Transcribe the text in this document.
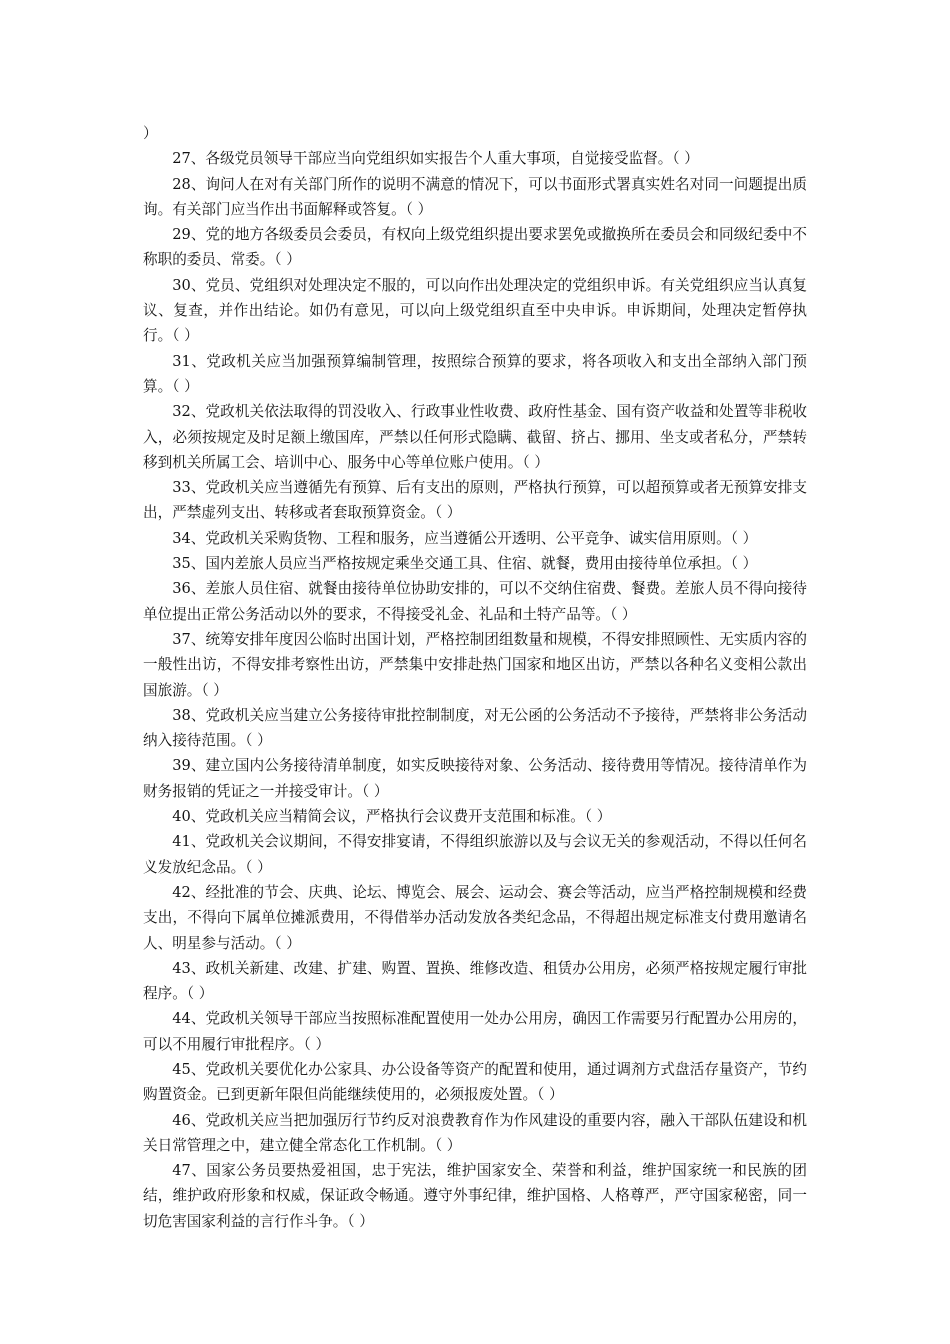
）

27、各级党员领导干部应当向党组织如实报告个人重大事项，自觉接受监督。（ ）

28、询问人在对有关部门所作的说明不满意的情况下，可以书面形式署真实姓名对同一问题提出质询。有关部门应当作出书面解释或答复。（ ）

29、党的地方各级委员会委员，有权向上级党组织提出要求罢免或撤换所在委员会和同级纪委中不称职的委员、常委。（ ）

30、党员、党组织对处理决定不服的，可以向作出处理决定的党组织申诉。有关党组织应当认真复议、复查，并作出结论。如仍有意见，可以向上级党组织直至中央申诉。申诉期间，处理决定暂停执行。（ ）

31、党政机关应当加强预算编制管理，按照综合预算的要求，将各项收入和支出全部纳入部门预算。（ ）

32、党政机关依法取得的罚没收入、行政事业性收费、政府性基金、国有资产收益和处置等非税收入，必须按规定及时足额上缴国库，严禁以任何形式隐瞒、截留、挤占、挪用、坐支或者私分，严禁转移到机关所属工会、培训中心、服务中心等单位账户使用。（ ）

33、党政机关应当遵循先有预算、后有支出的原则，严格执行预算，可以超预算或者无预算安排支出，严禁虚列支出、转移或者套取预算资金。（ ）

34、党政机关采购货物、工程和服务，应当遵循公开透明、公平竞争、诚实信用原则。（ ）

35、国内差旅人员应当严格按规定乘坐交通工具、住宿、就餐，费用由接待单位承担。（ ）

36、差旅人员住宿、就餐由接待单位协助安排的，可以不交纳住宿费、餐费。差旅人员不得向接待单位提出正常公务活动以外的要求，不得接受礼金、礼品和土特产品等。（ ）

37、统筹安排年度因公临时出国计划，严格控制团组数量和规模，不得安排照顾性、无实质内容的一般性出访，不得安排考察性出访，严禁集中安排赴热门国家和地区出访，严禁以各种名义变相公款出国旅游。（ ）

38、党政机关应当建立公务接待审批控制制度，对无公函的公务活动不予接待，严禁将非公务活动纳入接待范围。（ ）

39、建立国内公务接待清单制度，如实反映接待对象、公务活动、接待费用等情况。接待清单作为财务报销的凭证之一并接受审计。（ ）

40、党政机关应当精简会议，严格执行会议费开支范围和标准。（ ）

41、党政机关会议期间，不得安排宴请，不得组织旅游以及与会议无关的参观活动，不得以任何名义发放纪念品。（ ）

42、经批准的节会、庆典、论坛、博览会、展会、运动会、赛会等活动，应当严格控制规模和经费支出，不得向下属单位摊派费用，不得借举办活动发放各类纪念品，不得超出规定标准支付费用邀请名人、明星参与活动。（ ）

43、政机关新建、改建、扩建、购置、置换、维修改造、租赁办公用房，必须严格按规定履行审批程序。（ ）

44、党政机关领导干部应当按照标准配置使用一处办公用房，确因工作需要另行配置办公用房的，可以不用履行审批程序。（ ）

45、党政机关要优化办公家具、办公设备等资产的配置和使用，通过调剂方式盘活存量资产，节约购置资金。已到更新年限但尚能继续使用的，必须报废处置。（ ）

46、党政机关应当把加强厉行节约反对浪费教育作为作风建设的重要内容，融入干部队伍建设和机关日常管理之中，建立健全常态化工作机制。（ ）

47、国家公务员要热爱祖国，忠于宪法，维护国家安全、荣誉和利益，维护国家统一和民族的团结，维护政府形象和权威，保证政令畅通。遵守外事纪律，维护国格、人格尊严，严守国家秘密，同一切危害国家利益的言行作斗争。（ ）
